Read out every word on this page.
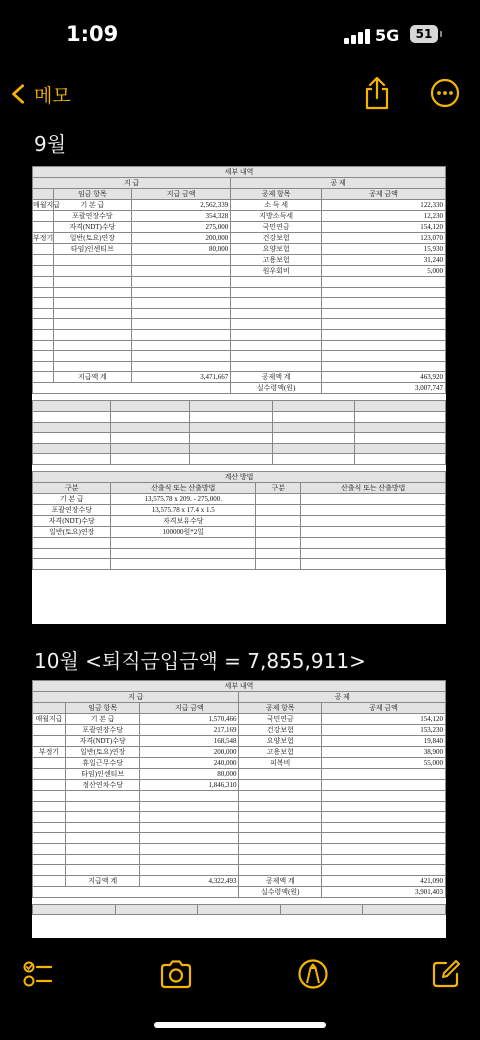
1:09	5G	51
메모
9월
세부 내역				
지 급			공 제	
	임금 항목	지급 금액	공제 항목	공제 금액
매월지급	기 본 급	2,562,339	소 득 세	122,330
	포괄연장수당	354,328	지방소득세	12,230
	자격(NDT)수당	275,000	국민연금	154,120
부정기	일반(토요)연장	200,000	건강보험	123,070
	타임)인센티브	80,000	요양보험	15,930
			고용보험	31,240
			원우회비	5,000

	지급액 계	3,471,667	공제액 계	463,920
			실수령액(원)	3,007,747

계산 방법			
구분	산출식 또는 산출방법	구분	산출식 또는 산출방법
기 본 급	13,575.78 x 209. - 275,000.		
포괄연장수당	13,575.78 x 17.4 x 1.5		
자격(NDT)수당	자격보유수당		
일반(토요)연장	100000원*2일		

10월 <퇴직금입금액 = 7,855,911>
세부 내역				
지 급			공 제	
	임금 항목	지급 금액	공제 항목	공제 금액
매월지급	기 본 급	1,570,466	국민연금	154,120
	포괄연장수당	217,169	건강보험	153,230
	자격(NDT)수당	168,548	요양보험	19,840
부정기	일반(토요)연장	200,000	고용보험	38,900
	휴일근무수당	240,000	피복비	55,000
	타임)인센티브	80,000		
	정산연차수당	1,846,310		

	지급액 계	4,322,493	공제액 계	421,090
			실수령액(원)	3,901,403
